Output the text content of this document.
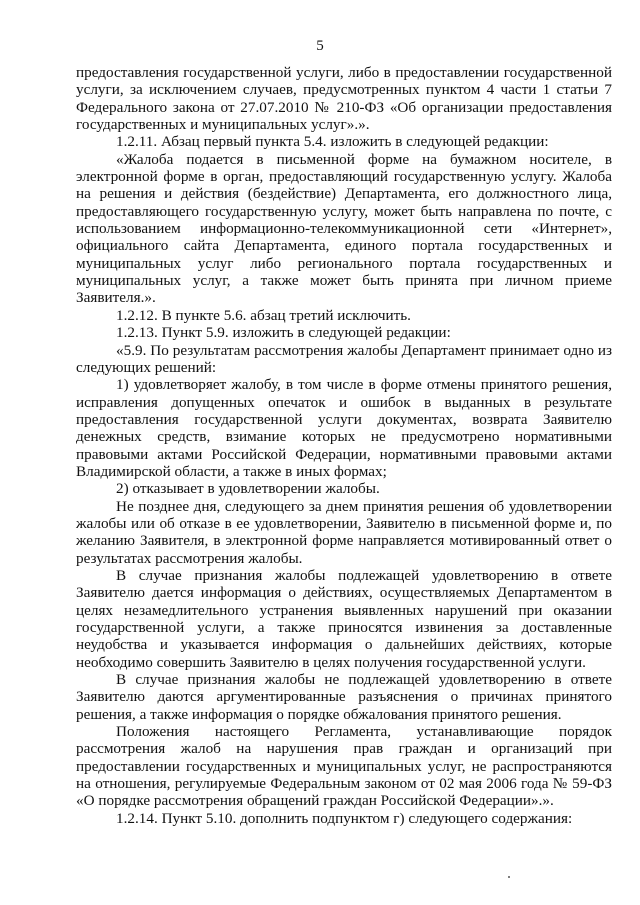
5

предоставления государственной услуги, либо в предоставлении государственной услуги, за исключением случаев, предусмотренных пунктом 4 части 1 статьи 7 Федерального закона от 27.07.2010 № 210-ФЗ «Об организации предоставления государственных и муниципальных услуг».».

1.2.11. Абзац первый пункта 5.4. изложить в следующей редакции:

«Жалоба подается в письменной форме на бумажном носителе, в электронной форме в орган, предоставляющий государственную услугу. Жалоба на решения и действия (бездействие) Департамента, его должностного лица, предоставляющего государственную услугу, может быть направлена по почте, с использованием информационно-телекоммуникационной сети «Интернет», официального сайта Департамента, единого портала государственных и муниципальных услуг либо регионального портала государственных и муниципальных услуг, а также может быть принята при личном приеме Заявителя.».

1.2.12. В пункте 5.6. абзац третий исключить.

1.2.13. Пункт 5.9. изложить в следующей редакции:

«5.9. По результатам рассмотрения жалобы Департамент принимает одно из следующих решений:

1) удовлетворяет жалобу, в том числе в форме отмены принятого решения, исправления допущенных опечаток и ошибок в выданных в результате предоставления государственной услуги документах, возврата Заявителю денежных средств, взимание которых не предусмотрено нормативными правовыми актами Российской Федерации, нормативными правовыми актами Владимирской области, а также в иных формах;

2) отказывает в удовлетворении жалобы.

Не позднее дня, следующего за днем принятия решения об удовлетворении жалобы или об отказе в ее удовлетворении, Заявителю в письменной форме и, по желанию Заявителя, в электронной форме направляется мотивированный ответ о результатах рассмотрения жалобы.

В случае признания жалобы подлежащей удовлетворению в ответе Заявителю дается информация о действиях, осуществляемых Департаментом в целях незамедлительного устранения выявленных нарушений при оказании государственной услуги, а также приносятся извинения за доставленные неудобства и указывается информация о дальнейших действиях, которые необходимо совершить Заявителю в целях получения государственной услуги.

В случае признания жалобы не подлежащей удовлетворению в ответе Заявителю даются аргументированные разъяснения о причинах принятого решения, а также информация о порядке обжалования принятого решения.

Положения настоящего Регламента, устанавливающие порядок рассмотрения жалоб на нарушения прав граждан и организаций при предоставлении государственных и муниципальных услуг, не распространяются на отношения, регулируемые Федеральным законом от 02 мая 2006 года № 59-ФЗ «О порядке рассмотрения обращений граждан Российской Федерации».».

1.2.14. Пункт 5.10. дополнить подпунктом г) следующего содержания:
